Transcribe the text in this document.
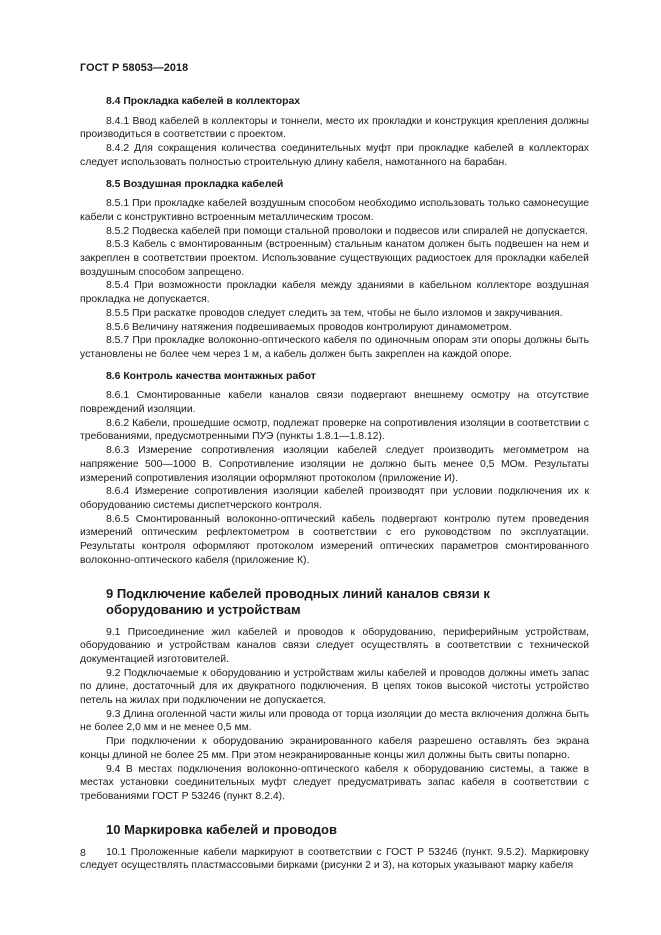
ГОСТ Р 58053—2018

8.4 Прокладка кабелей в коллекторах

8.4.1 Ввод кабелей в коллекторы и тоннели, место их прокладки и конструкция крепления должны производиться в соответствии с проектом.

8.4.2 Для сокращения количества соединительных муфт при прокладке кабелей в коллекторах следует использовать полностью строительную длину кабеля, намотанного на барабан.

8.5 Воздушная прокладка кабелей

8.5.1 При прокладке кабелей воздушным способом необходимо использовать только самонесущие кабели с конструктивно встроенным металлическим тросом.

8.5.2 Подвеска кабелей при помощи стальной проволоки и подвесов или спиралей не допускается.

8.5.3 Кабель с вмонтированным (встроенным) стальным канатом должен быть подвешен на нем и закреплен в соответствии проектом. Использование существующих радиостоек для прокладки кабелей воздушным способом запрещено.

8.5.4 При возможности прокладки кабеля между зданиями в кабельном коллекторе воздушная прокладка не допускается.

8.5.5 При раскатке проводов следует следить за тем, чтобы не было изломов и закручивания.

8.5.6 Величину натяжения подвешиваемых проводов контролируют динамометром.

8.5.7 При прокладке волоконно-оптического кабеля по одиночным опорам эти опоры должны быть установлены не более чем через 1 м, а кабель должен быть закреплен на каждой опоре.

8.6 Контроль качества монтажных работ

8.6.1 Смонтированные кабели каналов связи подвергают внешнему осмотру на отсутствие повреждений изоляции.

8.6.2 Кабели, прошедшие осмотр, подлежат проверке на сопротивления изоляции в соответствии с требованиями, предусмотренными ПУЭ (пункты 1.8.1—1.8.12).

8.6.3 Измерение сопротивления изоляции кабелей следует производить мегомметром на напряжение 500—1000 В. Сопротивление изоляции не должно быть менее 0,5 МОм. Результаты измерений сопротивления изоляции оформляют протоколом (приложение И).

8.6.4 Измерение сопротивления изоляции кабелей производят при условии подключения их к оборудованию системы диспетчерского контроля.

8.6.5 Смонтированный волоконно-оптический кабель подвергают контролю путем проведения измерений оптическим рефлектометром в соответствии с его руководством по эксплуатации. Результаты контроля оформляют протоколом измерений оптических параметров смонтированного волоконно-оптического кабеля (приложение К).

9 Подключение кабелей проводных линий каналов связи к оборудованию и устройствам

9.1 Присоединение жил кабелей и проводов к оборудованию, периферийным устройствам, оборудованию и устройствам каналов связи следует осуществлять в соответствии с технической документацией изготовителей.

9.2 Подключаемые к оборудованию и устройствам жилы кабелей и проводов должны иметь запас по длине, достаточный для их двукратного подключения. В цепях токов высокой чистоты устройство петель на жилах при подключении не допускается.

9.3 Длина оголенной части жилы или провода от торца изоляции до места включения должна быть не более 2,0 мм и не менее 0,5 мм.

При подключении к оборудованию экранированного кабеля разрешено оставлять без экрана концы длиной не более 25 мм. При этом неэкранированные концы жил должны быть свиты попарно.

9.4 В местах подключения волоконно-оптического кабеля к оборудованию системы, а также в местах установки соединительных муфт следует предусматривать запас кабеля в соответствии с требованиями ГОСТ Р 53246 (пункт 8.2.4).

10 Маркировка кабелей и проводов

10.1 Проложенные кабели маркируют в соответствии с ГОСТ Р 53246 (пункт. 9.5.2). Маркировку следует осуществлять пластмассовыми бирками (рисунки 2 и 3), на которых указывают марку кабеля

8
